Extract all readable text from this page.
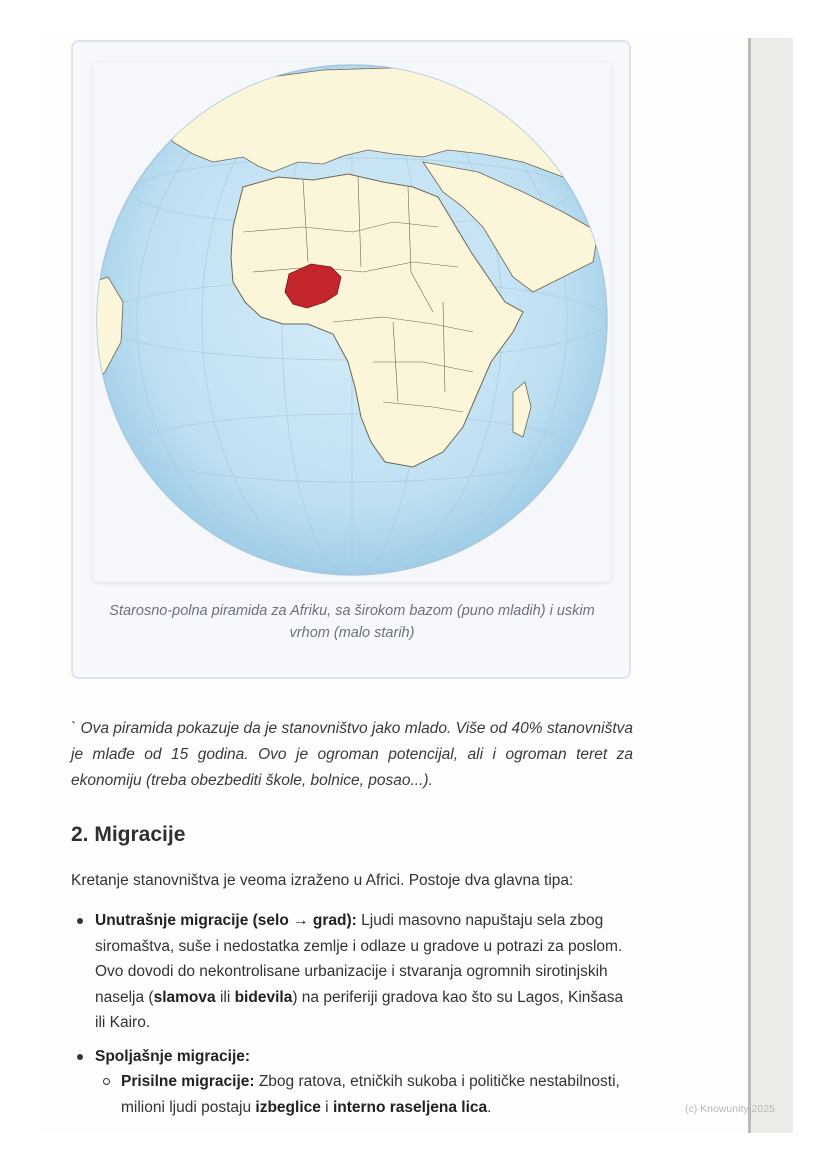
Starosno-polna piramida za Afriku, sa širokom bazom (puno mladih) i uskim vrhom (malo starih)

` Ova piramida pokazuje da je stanovništvo jako mlado. Više od 40% stanovništva je mlađe od 15 godina. Ovo je ogroman potencijal, ali i ogroman teret za ekonomiju (treba obezbediti škole, bolnice, posao...).

2. Migracije
Kretanje stanovništva je veoma izraženo u Africi. Postoje dva glavna tipa:
Unutrašnje migracije (selo → grad): Ljudi masovno napuštaju sela zbog siromaštva, suše i nedostatka zemlje i odlaze u gradove u potrazi za poslom. Ovo dovodi do nekontrolisane urbanizacije i stvaranja ogromnih sirotinjskih naselja (slamova ili bidevila) na periferiji gradova kao što su Lagos, Kinšasa ili Kairo.
Spoljašnje migracije:
Prisilne migracije: Zbog ratova, etničkih sukoba i političke nestabilnosti, milioni ljudi postaju izbeglice i interno raseljena lica.	(c) Knowunity 2025
